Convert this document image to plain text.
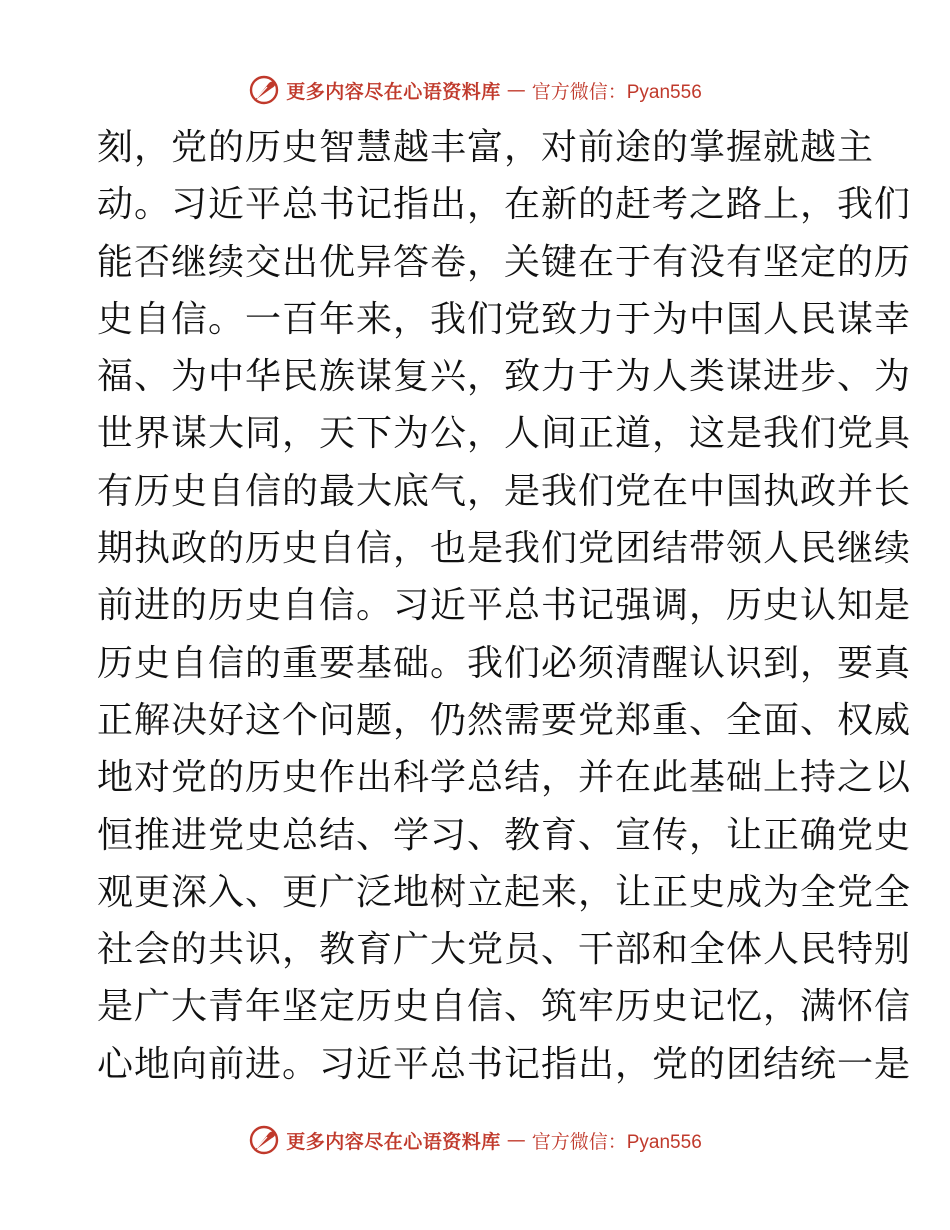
更多内容尽在心语资料库 — 官方微信：Pyan556
刻，党的历史智慧越丰富，对前途的掌握就越主
动。习近平总书记指出，在新的赶考之路上，我们
能否继续交出优异答卷，关键在于有没有坚定的历
史自信。一百年来，我们党致力于为中国人民谋幸
福、为中华民族谋复兴，致力于为人类谋进步、为
世界谋大同，天下为公，人间正道，这是我们党具
有历史自信的最大底气，是我们党在中国执政并长
期执政的历史自信，也是我们党团结带领人民继续
前进的历史自信。习近平总书记强调，历史认知是
历史自信的重要基础。我们必须清醒认识到，要真
正解决好这个问题，仍然需要党郑重、全面、权威
地对党的历史作出科学总结，并在此基础上持之以
恒推进党史总结、学习、教育、宣传，让正确党史
观更深入、更广泛地树立起来，让正史成为全党全
社会的共识，教育广大党员、干部和全体人民特别
是广大青年坚定历史自信、筑牢历史记忆，满怀信
心地向前进。习近平总书记指出，党的团结统一是
更多内容尽在心语资料库 — 官方微信：Pyan556
